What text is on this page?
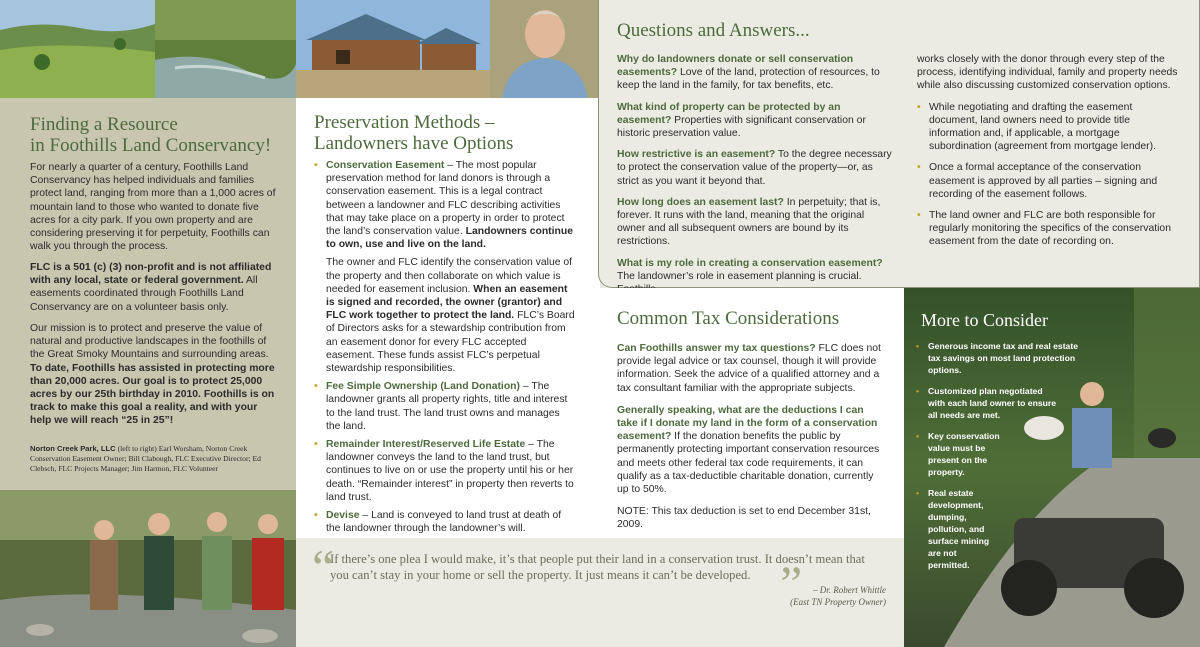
Finding a Resource
in Foothills Land Conservancy!

For nearly a quarter of a century, Foothills Land Conservancy has helped individuals and families protect land, ranging from more than a 1,000 acres of mountain land to those who wanted to donate five acres for a city park. If you own property and are considering preserving it for perpetuity, Foothills can walk you through the process.

FLC is a 501 (c) (3) non-profit and is not affiliated with any local, state or federal government. All easements coordinated through Foothills Land Conservancy are on a volunteer basis only.

Our mission is to protect and preserve the value of natural and productive landscapes in the foothills of the Great Smoky Mountains and surrounding areas. To date, Foothills has assisted in protecting more than 20,000 acres. Our goal is to protect 25,000 acres by our 25th birthday in 2010. Foothills is on track to make this goal a reality, and with your help we will reach “25 in 25”!

Norton Creek Park, LLC (left to right) Earl Worsham, Norton Creek Conservation Easement Owner; Bill Clabough, FLC Executive Director; Ed Clebsch, FLC Projects Manager; Jim Harmon, FLC Volunteer

Preservation Methods –
Landowners have Options

• Conservation Easement – The most popular preservation method for land donors is through a conservation easement. This is a legal contract between a landowner and FLC describing activities that may take place on a property in order to protect the land’s conservation value. Landowners continue to own, use and live on the land.

The owner and FLC identify the conservation value of the property and then collaborate on which value is needed for easement inclusion. When an easement is signed and recorded, the owner (grantor) and FLC work together to protect the land. FLC’s Board of Directors asks for a stewardship contribution from an easement donor for every FLC accepted easement. These funds assist FLC’s perpetual stewardship responsibilities.

• Fee Simple Ownership (Land Donation) – The landowner grants all property rights, title and interest to the land trust. The land trust owns and manages the land.

• Remainder Interest/Reserved Life Estate – The landowner conveys the land to the land trust, but continues to live on or use the property until his or her death. “Remainder interest” in property then reverts to land trust.

• Devise – Land is conveyed to land trust at death of the landowner through the landowner’s will.

Questions and Answers...

Why do landowners donate or sell conservation easements? Love of the land, protection of resources, to keep the land in the family, for tax benefits, etc.

What kind of property can be protected by an easement? Properties with significant conservation or historic preservation value.

How restrictive is an easement? To the degree necessary to protect the conservation value of the property—or, as strict as you want it beyond that.

How long does an easement last? In perpetuity; that is, forever. It runs with the land, meaning that the original owner and all subsequent owners are bound by its restrictions.

What is my role in creating a conservation easement? The landowner’s role in easement planning is crucial.

works closely with the donor through every step of the process, identifying individual, family and property needs while also discussing customized conservation options.

• While negotiating and drafting the easement document, land owners need to provide title information and, if applicable, a mortgage subordination (agreement from mortgage lender).
• Once a formal acceptance of the conservation easement is approved by all parties – signing and recording of the easement follows.
• The land owner and FLC are both responsible for regularly monitoring the specifics of the conservation easement from the date of recording on.
Common Tax Considerations

Can Foothills answer my tax questions? FLC does not provide legal advice or tax counsel, though it will provide information. Seek the advice of a qualified attorney and a tax consultant familiar with the appropriate subjects.

Generally speaking, what are the deductions I can take if I donate my land in the form of a conservation easement? If the donation benefits the public by permanently protecting important conservation resources and meets other federal tax code requirements, it can qualify as a tax-deductible charitable donation, currently up to 50%.

NOTE: This tax deduction is set to end December 31st, 2009.

“

If there’s one plea I would make, it’s that people put their land in a conservation trust. It doesn’t mean that you can’t stay in your home or sell the property. It just means it can’t be developed. ”	– Dr. Robert Whittle
(East TN Property Owner)

More to Consider
• Generous income tax and real estate tax savings on most land protection options.
• Customized plan negotiated with each land owner to ensure all needs are met.
• Key conservation value must be present on the property.
• Real estate development, dumping, pollution, and surface mining are not permitted.
